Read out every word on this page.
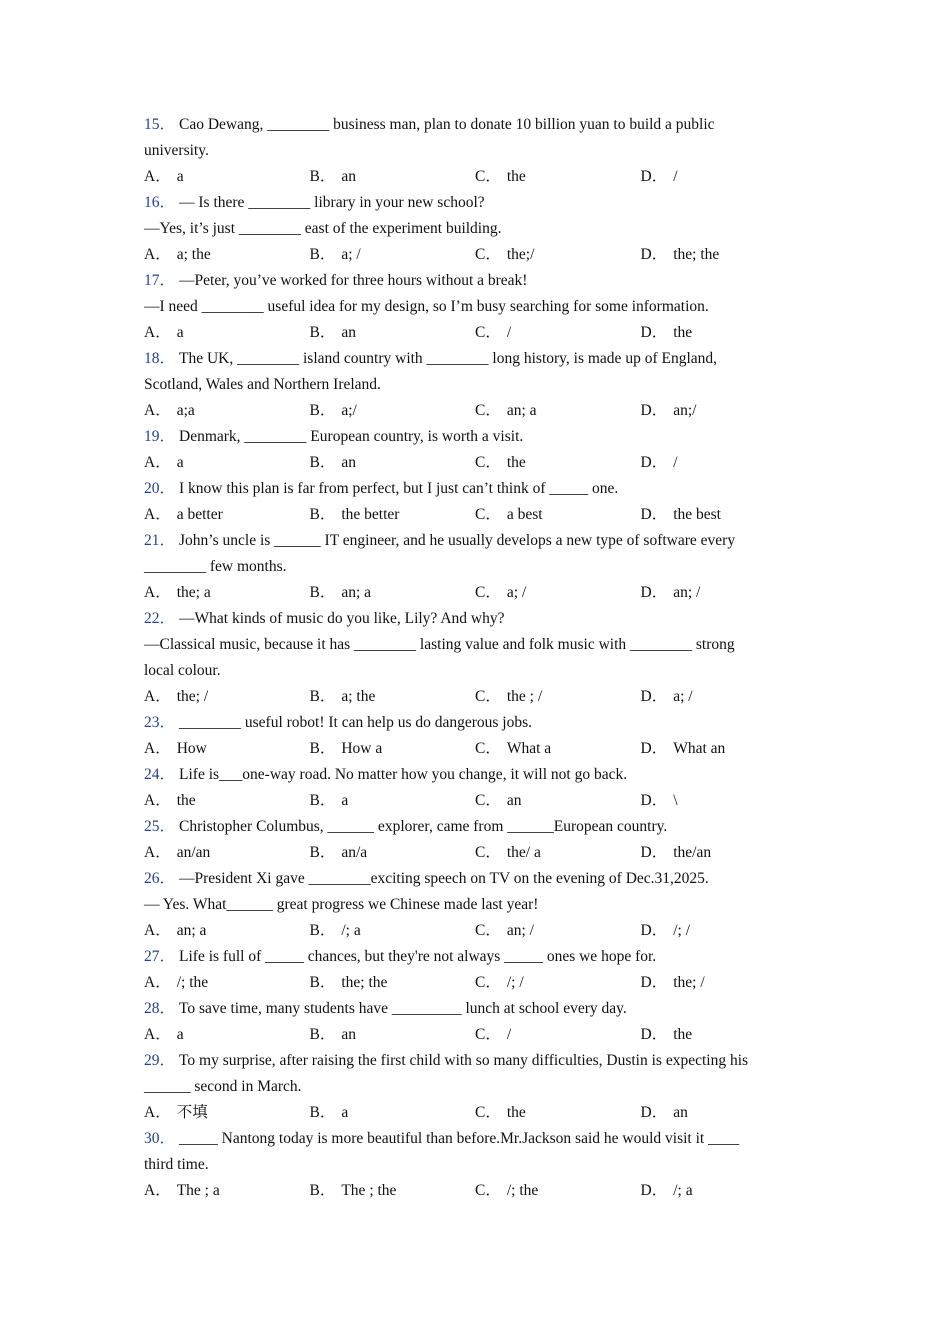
15． Cao Dewang, ________ business man, plan to donate 10 billion yuan to build a public
university.
A． a	B． an	C． the	D． /
16． — Is there ________ library in your new school?
—Yes, it’s just ________ east of the experiment building.
A． a; the	B． a; /	C． the;/	D． the; the
17． —Peter, you’ve worked for three hours without a break!
—I need ________ useful idea for my design, so I’m busy searching for some information.
A． a	B． an	C． /	D． the
18． The UK, ________ island country with ________ long history, is made up of England,
Scotland, Wales and Northern Ireland.
A． a;a	B． a;/	C． an; a	D． an;/
19． Denmark, ________ European country, is worth a visit.
A． a	B． an	C． the	D． /
20． I know this plan is far from perfect, but I just can’t think of _____ one.
A． a better	B． the better	C． a best	D． the best
21． John’s uncle is ______ IT engineer, and he usually develops a new type of software every
________ few months.
A． the; a	B． an; a	C． a; /	D． an; /
22． —What kinds of music do you like, Lily? And why?
—Classical music, because it has ________ lasting value and folk music with ________ strong
local colour.
A． the; /	B． a; the	C． the ; /	D． a; /
23． ________ useful robot! It can help us do dangerous jobs.
A． How	B． How a	C． What a	D． What an
24． Life is___one-way road. No matter how you change, it will not go back.
A． the	B． a	C． an	D． \
25． Christopher Columbus, ______ explorer, came from ______European country.
A． an/an	B． an/a	C． the/ a	D． the/an
26． —President Xi gave ________exciting speech on TV on the evening of Dec.31,2025.
— Yes. What______ great progress we Chinese made last year!
A． an; a	B． /; a	C． an; /	D． /; /
27． Life is full of _____ chances, but they're not always _____ ones we hope for.
A． /; the	B． the; the	C． /; /	D． the; /
28． To save time, many students have _________ lunch at school every day.
A． a	B． an	C． /	D． the
29． To my surprise, after raising the first child with so many difficulties, Dustin is expecting his
______ second in March.
A． 不填	B． a	C． the	D． an
30． _____ Nantong today is more beautiful than before.Mr.Jackson said he would visit it ____
third time.
A． The ; a	B． The ; the	C． /; the	D． /; a
